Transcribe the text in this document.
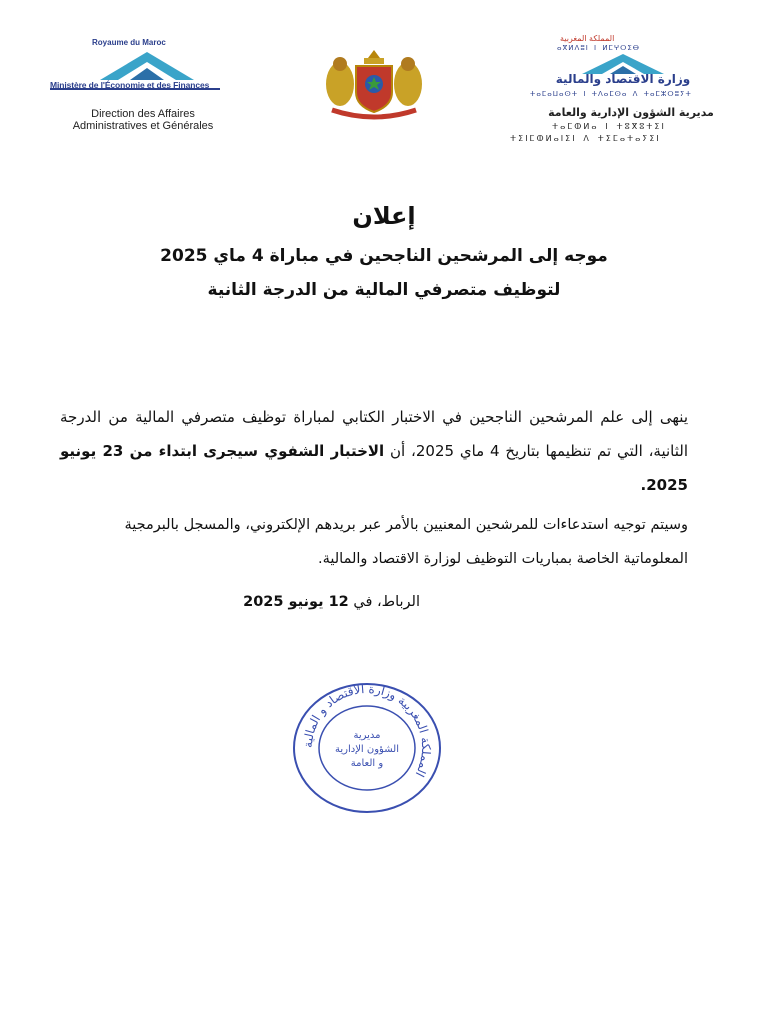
Royaume du Maroc
Ministère de l'Économie et des Finances
Direction des Affaires
Administratives et Générales
المملكة المغربية
ⴰⴳⵍⴷⵓⵏ ⵏ ⵍⵎⵖⵔⵉⴱ
وزارة الاقتصاد والمالية
ⵜⴰⵎⴰⵡⴰⵙⵜ ⵏ ⵜⴷⴰⵎⵙⴰ ⴷ ⵜⴰⵎⵣⵔⵓⵢⵜ
مديرية الشؤون الإدارية والعامة
ⵜⴰⵎⵀⵍⴰ ⵏ ⵜⵓⴳⵓⵜⵉⵏ
ⵜⵉⵏⵎⵀⵍⴰⵏⵉⵏ ⴷ ⵜⵉⵎⴰⵜⴰⵢⵉⵏ
إعلان
موجه إلى المرشحين الناجحين في مباراة 4 ماي 2025
لتوظيف متصرفي المالية من الدرجة الثانية
ينهى إلى علم المرشحين الناجحين في الاختبار الكتابي لمباراة توظيف متصرفي المالية من الدرجة الثانية، التي تم تنظيمها بتاريخ 4 ماي 2025، أن الاختبار الشفوي سيجرى ابتداء من 23 يونيو 2025.
وسيتم توجيه استدعاءات للمرشحين المعنيين بالأمر عبر بريدهم الإلكتروني، والمسجل بالبرمجية المعلوماتية الخاصة بمباريات التوظيف لوزارة الاقتصاد والمالية.
الرباط، في 12 يونيو 2025
المملكة المغربية وزارة الاقتصاد و المالية
مديرية
الشؤون الإدارية
و العامة
